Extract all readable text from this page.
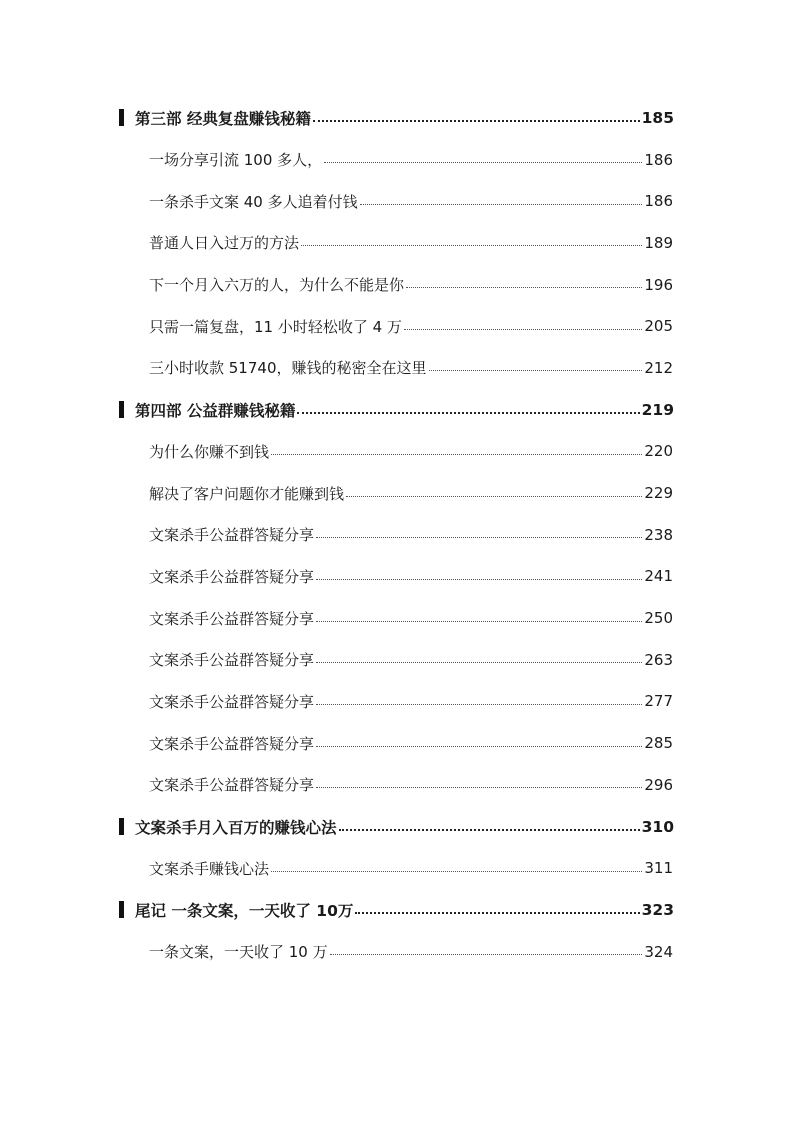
第三部 经典复盘赚钱秘籍	185
一场分享引流 100 多人，	186
一条杀手文案 40 多人追着付钱	186
普通人日入过万的方法	189
下一个月入六万的人，为什么不能是你	196
只需一篇复盘，11 小时轻松收了 4 万	205
三小时收款 51740，赚钱的秘密全在这里	212
第四部 公益群赚钱秘籍	219
为什么你赚不到钱	220
解决了客户问题你才能赚到钱	229
文案杀手公益群答疑分享	238
文案杀手公益群答疑分享	241
文案杀手公益群答疑分享	250
文案杀手公益群答疑分享	263
文案杀手公益群答疑分享	277
文案杀手公益群答疑分享	285
文案杀手公益群答疑分享	296
文案杀手月入百万的赚钱心法	310
文案杀手赚钱心法	311
尾记 一条文案，一天收了 10万	323
一条文案，一天收了 10 万	324
